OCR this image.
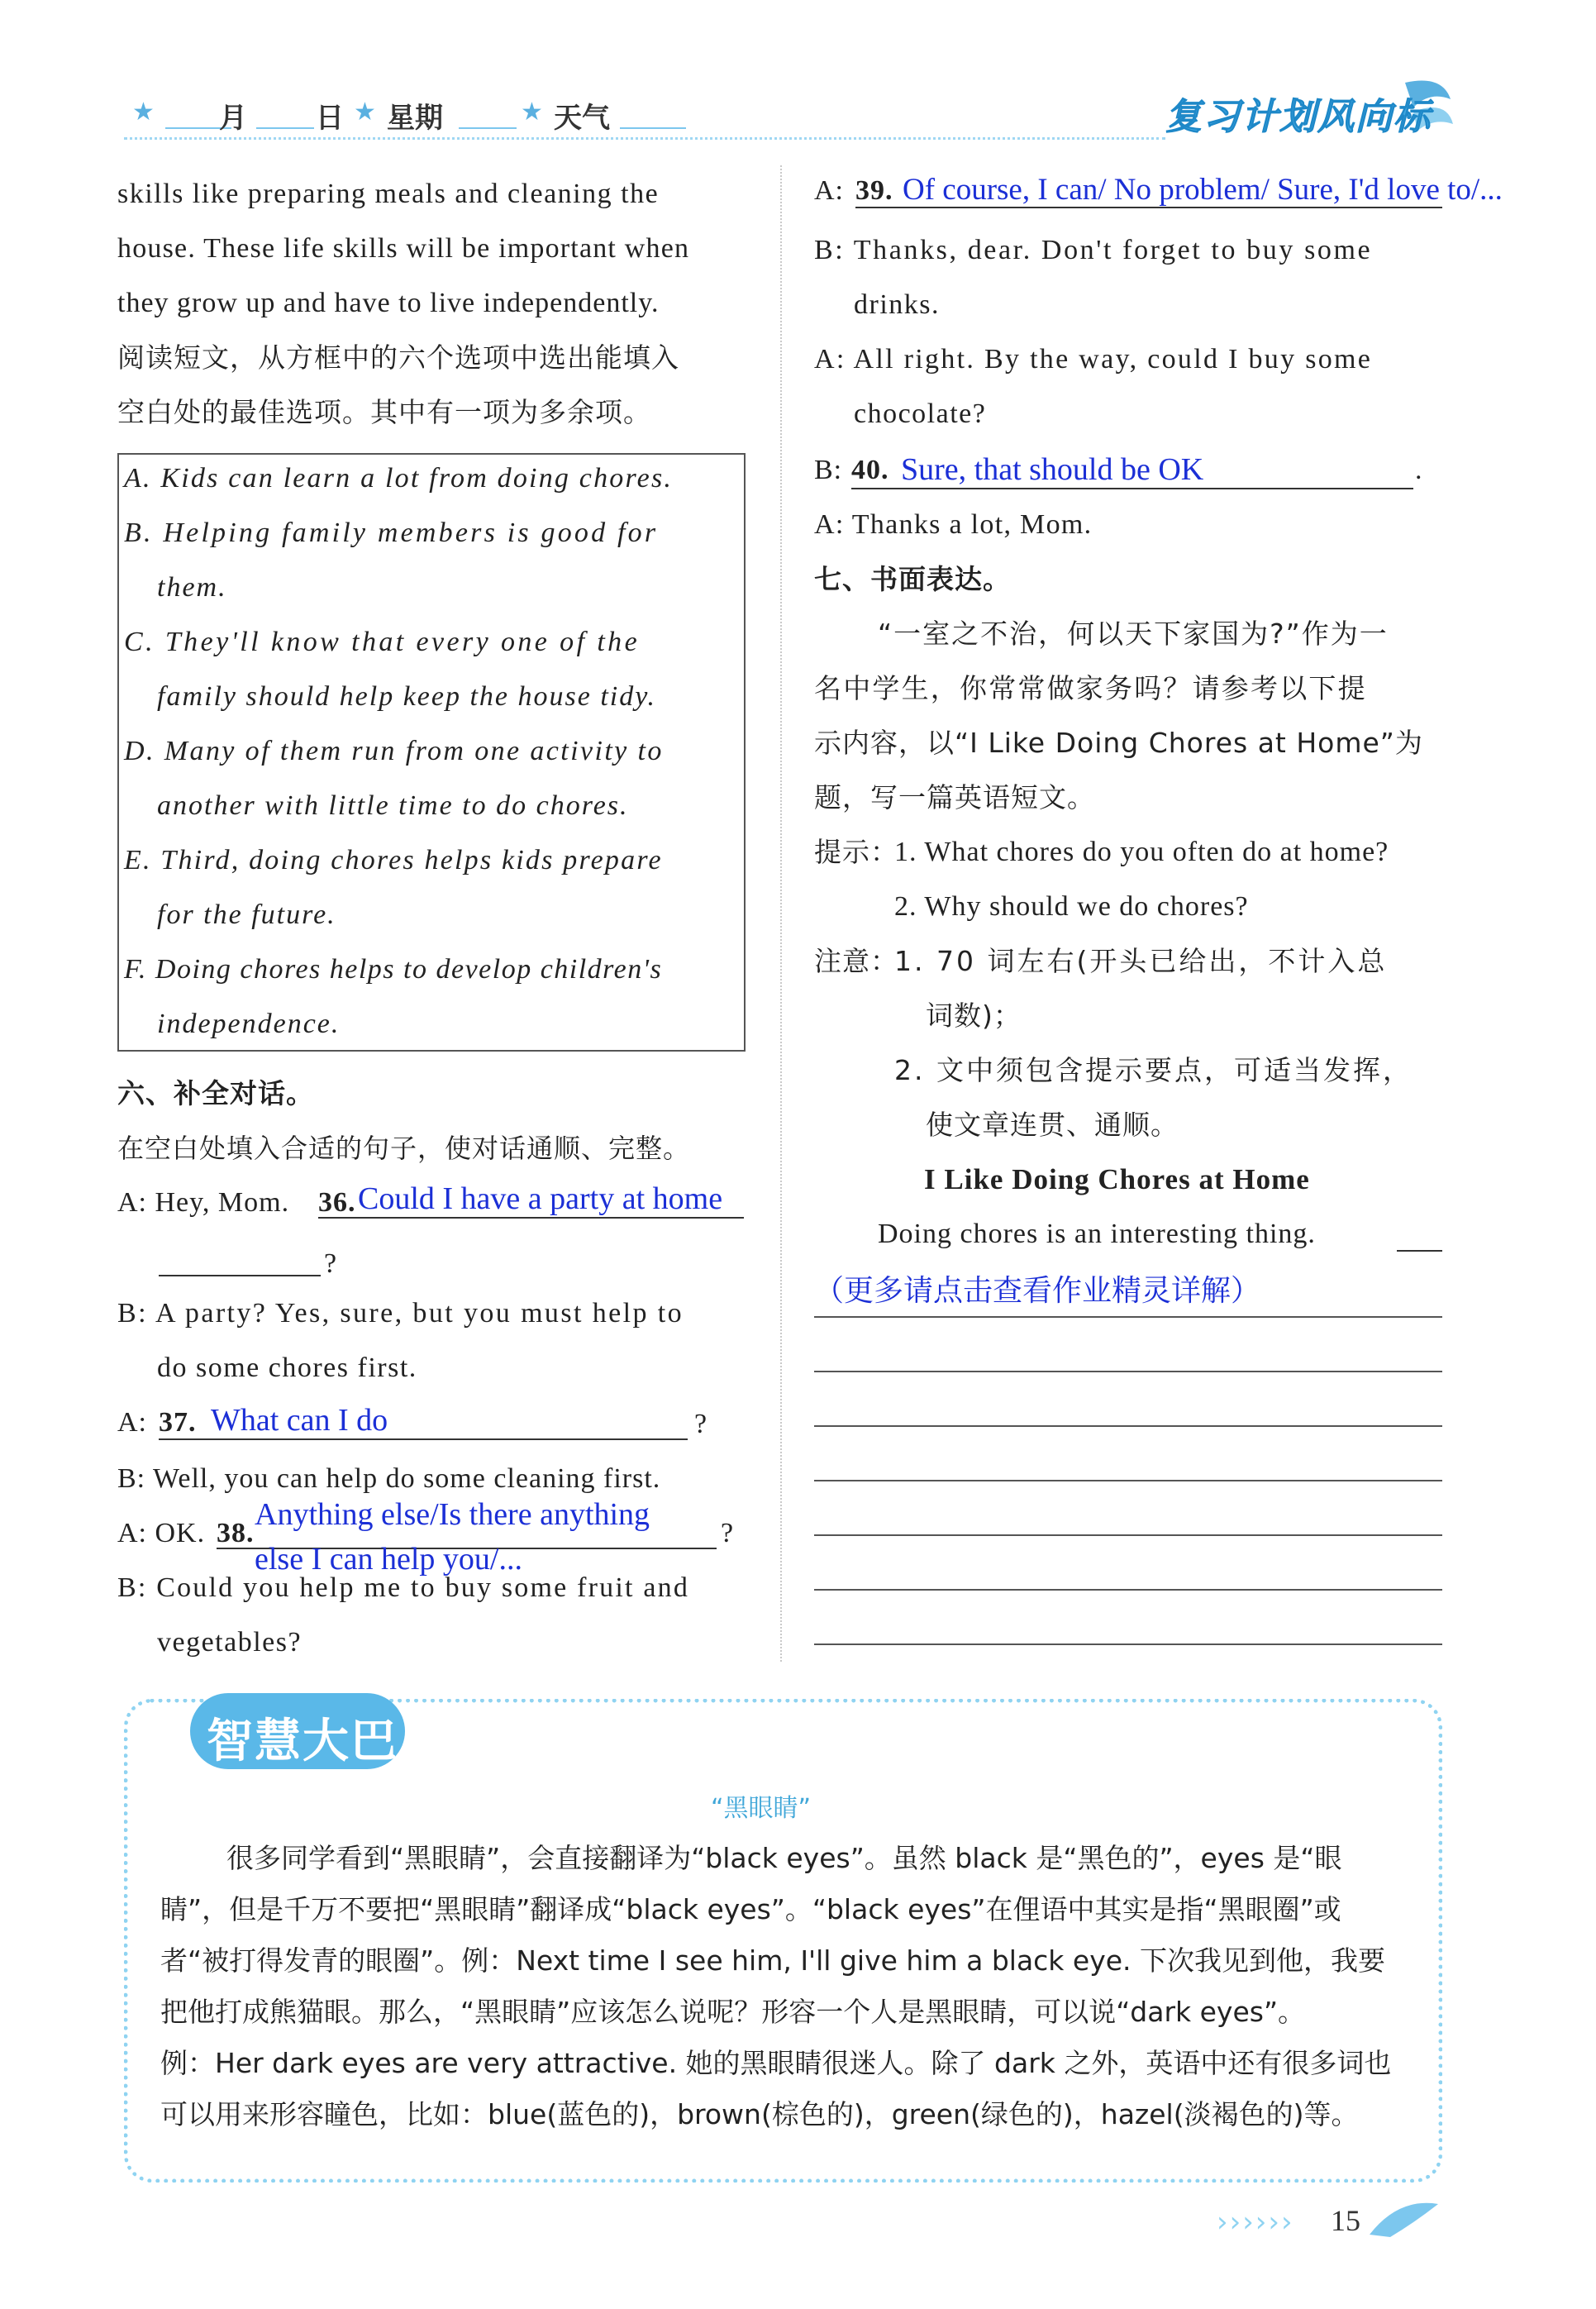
★ 月 日 ★ 星期	★ 天气	复习计划风向标
skills like preparing meals and cleaning the
house. These life skills will be important when
they grow up and have to live independently.
阅读短文，从方框中的六个选项中选出能填入
空白处的最佳选项。其中有一项为多余项。
A. Kids can learn a lot from doing chores.
B. Helping family members is good for
them.
C. They'll know that every one of the
family should help keep the house tidy.
D. Many of them run from one activity to
another with little time to do chores.
E. Third, doing chores helps kids prepare
for the future.
F. Doing chores helps to develop children's
independence.
六、补全对话。
在空白处填入合适的句子，使对话通顺、完整。
A: Hey, Mom. 36. Could I have a party at home
?
B: A party? Yes, sure, but you must help to
do some chores first.
A: 37. What can I do	?
B: Well, you can help do some cleaning first.
A: OK. 38.
Anything else/Is there anything
else I can help you/...
?
B: Could you help me to buy some fruit and
vegetables?
A: 39. Of course, I can/ No problem/ Sure, I'd love to/...
B: Thanks, dear. Don't forget to buy some
drinks.
A: All right. By the way, could I buy some
chocolate?
B: 40. Sure, that should be OK	.
A: Thanks a lot, Mom.
七、书面表达。
“一室之不治，何以天下家国为?”作为一
名中学生，你常常做家务吗？请参考以下提
示内容，以“I Like Doing Chores at Home”为
题，写一篇英语短文。
提示：
1. What chores do you often do at home?
2. Why should we do chores?
注意：
1. 70 词左右(开头已给出，不计入总
词数)；
2. 文中须包含提示要点，可适当发挥，
使文章连贯、通顺。
I Like Doing Chores at Home
Doing chores is an interesting thing.
（更多请点击查看作业精灵详解）
智慧大巴
“黑眼睛”
很多同学看到“黑眼睛”，会直接翻译为“black eyes”。虽然 black 是“黑色的”，eyes 是“眼
睛”，但是千万不要把“黑眼睛”翻译成“black eyes”。“black eyes”在俚语中其实是指“黑眼圈”或
者“被打得发青的眼圈”。例：Next time I see him, I'll give him a black eye. 下次我见到他，我要
把他打成熊猫眼。那么，“黑眼睛”应该怎么说呢？形容一个人是黑眼睛，可以说“dark eyes”。
例：Her dark eyes are very attractive. 她的黑眼睛很迷人。除了 dark 之外，英语中还有很多词也
可以用来形容瞳色，比如：blue(蓝色的)，brown(棕色的)，green(绿色的)，hazel(淡褐色的)等。
›››››› 15
